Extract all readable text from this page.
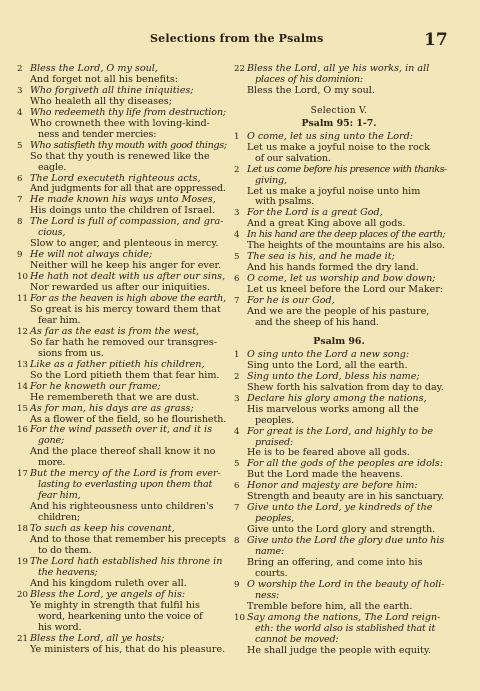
Selections from the Psalms	17
2 Bless the Lord, O my soul,
And forget not all his benefits:
3 Who forgiveth all thine iniquities;
Who healeth all thy diseases;
4 Who redeemeth thy life from destruction;
Who crowneth thee with loving-kind-
ness and tender mercies:
5 Who satisfieth thy mouth with good things;
So that thy youth is renewed like the
eagle.
6 The Lord executeth righteous acts,
And judgments for all that are oppressed.
7 He made known his ways unto Moses,
His doings unto the children of Israel.
8 The Lord is full of compassion, and gra-
cious,
Slow to anger, and plenteous in mercy.
9 He will not always chide;
Neither will he keep his anger for ever.
10 He hath not dealt with us after our sins,
Nor rewarded us after our iniquities.
11 For as the heaven is high above the earth,
So great is his mercy toward them that
fear him.
12 As far as the east is from the west,
So far hath he removed our transgres-
sions from us.
13 Like as a father pitieth his children,
So the Lord pitieth them that fear him.
14 For he knoweth our frame;
He remembereth that we are dust.
15 As for man, his days are as grass;
As a flower of the field, so he flourisheth.
16 For the wind passeth over it, and it is
gone;
And the place thereof shall know it no
more.
17 But the mercy of the Lord is from ever-
lasting to everlasting upon them that
fear him,
And his righteousness unto children's
children;
18 To such as keep his covenant,
And to those that remember his precepts
to do them.
19 The Lord hath established his throne in
the heavens;
And his kingdom ruleth over all.
20 Bless the Lord, ye angels of his:
Ye mighty in strength that fulfil his
word, hearkening unto the voice of
his word.
21 Bless the Lord, all ye hosts;
Ye ministers of his, that do his pleasure.
22 Bless the Lord, all ye his works, in all
places of his dominion:
Bless the Lord, O my soul.
Selection V.
Psalm 95: 1-7.
1 O come, let us sing unto the Lord:
Let us make a joyful noise to the rock
of our salvation.
2 Let us come before his presence with thanks-
giving,
Let us make a joyful noise unto him
with psalms.
3 For the Lord is a great God,
And a great King above all gods.
4 In his hand are the deep places of the earth;
The heights of the mountains are his also.
5 The sea is his, and he made it;
And his hands formed the dry land.
6 O come, let us worship and bow down;
Let us kneel before the Lord our Maker:
7 For he is our God,
And we are the people of his pasture,
and the sheep of his hand.
Psalm 96.
1 O sing unto the Lord a new song:
Sing unto the Lord, all the earth.
2 Sing unto the Lord, bless his name;
Shew forth his salvation from day to day.
3 Declare his glory among the nations,
His marvelous works among all the
peoples.
4 For great is the Lord, and highly to be
praised:
He is to be feared above all gods.
5 For all the gods of the peoples are idols:
But the Lord made the heavens.
6 Honor and majesty are before him:
Strength and beauty are in his sanctuary.
7 Give unto the Lord, ye kindreds of the
peoples,
Give unto the Lord glory and strength.
8 Give unto the Lord the glory due unto his
name:
Bring an offering, and come into his
courts.
9 O worship the Lord in the beauty of holi-
ness:
Tremble before him, all the earth.
10 Say among the nations, The Lord reign-
eth: the world also is stablished that it
cannot be moved:
He shall judge the people with equity.
